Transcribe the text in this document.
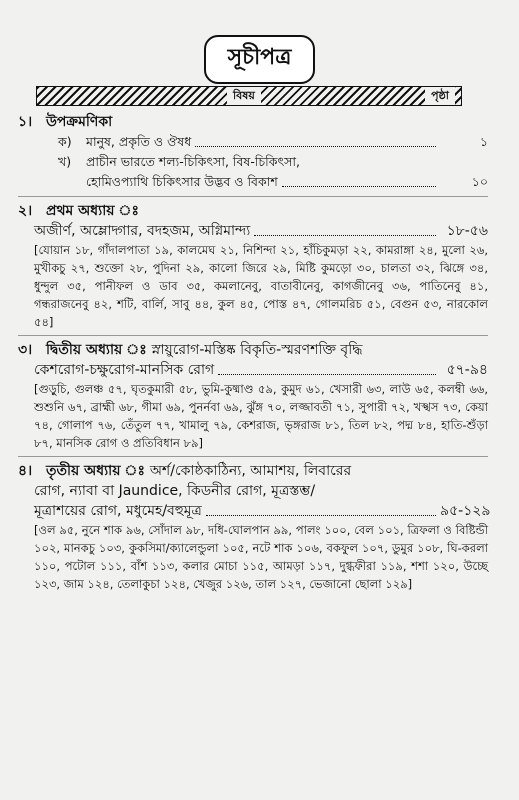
সূচীপত্র
বিষয়	পৃষ্ঠা
১। উপক্রমণিকা
ক)	মানুষ, প্রকৃতি ও ঔষধ	১
খ)	প্রাচীন ভারতে শল্য-চিকিৎসা, বিষ-চিকিৎসা,
হোমিওপ্যাথি চিকিৎসার উদ্ভব ও বিকাশ	১০
২। প্রথম অধ্যায় ঃ
অজীর্ণ, অম্লোদ্গার, বদহজম, অগ্নিমান্দ্য	১৮-৫৬
[যোয়ান ১৮, গাঁদালপাতা ১৯, কালমেঘ ২১, নিশিন্দা ২১, হাঁচিকুমড়া ২২, কামরাঙ্গা ২৪, মুলো ২৬, মুখীকচু ২৭, শুক্তো ২৮, পুদিনা ২৯, কালো জিরে ২৯, মিষ্টি কুমড়ো ৩০, চালতা ৩২, ঝিঙ্গে ৩৪, ধুন্দুল ৩৫, পানীফল ও ডাব ৩৫, কমলানেবু, বাতাবীনেবু, কাগজীনেবু ৩৬, পাতিনেবু ৪১, গন্ধরাজনেবু ৪২, শটি, বার্লি, সাবু ৪৪, কুল ৪৫, পোস্ত ৪৭, গোলমরিচ ৫১, বেগুন ৫৩, নারকোল ৫৪]
৩। দ্বিতীয় অধ্যায় ঃ স্নায়ুরোগ-মস্তিষ্ক বিকৃতি-স্মরণশক্তি বৃদ্ধি
কেশরোগ-চক্ষুরোগ-মানসিক রোগ	৫৭-৯৪
[গুড়ুচি, গুলঞ্চ ৫৭, ঘৃতকুমারী ৫৮, ভুমি-কুষ্মাণ্ড ৫৯, কুমুদ ৬১, খেসারী ৬৩, লাউ ৬৫, কলম্বী ৬৬, শুশুনি ৬৭, ব্রাহ্মী ৬৮, গীমা ৬৯, পুনর্নবা ৬৯, ঝুঁঙ্গ ৭০, লজ্জাবতী ৭১, সুপারী ৭২, খস্খস ৭৩, কেয়া ৭৪, গোলাপ ৭৬, তেঁতুল ৭৭, খামালু ৭৯, কেশরাজ, ভৃঙ্গরাজ ৮১, তিল ৮২, পদ্ম ৮৪, হাতি-শুঁড়া ৮৭, মানসিক রোগ ও প্রতিবিধান ৮৯]
৪। তৃতীয় অধ্যায় ঃ অর্শ/কোষ্ঠকাঠিন্য, আমাশয়, লিবারের
রোগ, ন্যাবা বা Jaundice, কিডনীর রোগ, মূত্রস্তম্ভ/
মূত্রাশয়ের রোগ, মধুমেহ/বহুমূত্র	৯৫-১২৯
[ওল ৯৫, নুনে শাক ৯৬, সোঁদাল ৯৮, দধি-ঘোলপান ৯৯, পালং ১০০, বেল ১০১, ত্রিফলা ও বিষ্টিন্ডী ১০২, মানকচু ১০৩, কুকসিমা/ক্যালেন্ডুলা ১০৫, নটে শাক ১০৬, বকফুল ১০৭, ডুমুর ১০৮, ঘি-করলা ১১০, পটোল ১১১, বাঁশ ১১৩, কলার মোচা ১১৫, আমড়া ১১৭, দুগ্ধফীরা ১১৯, শশা ১২০, উচ্ছে ১২৩, জাম ১২৪, তেলাকুচা ১২৪, খেজুর ১২৬, তাল ১২৭, ভেজানো ছোলা ১২৯]
